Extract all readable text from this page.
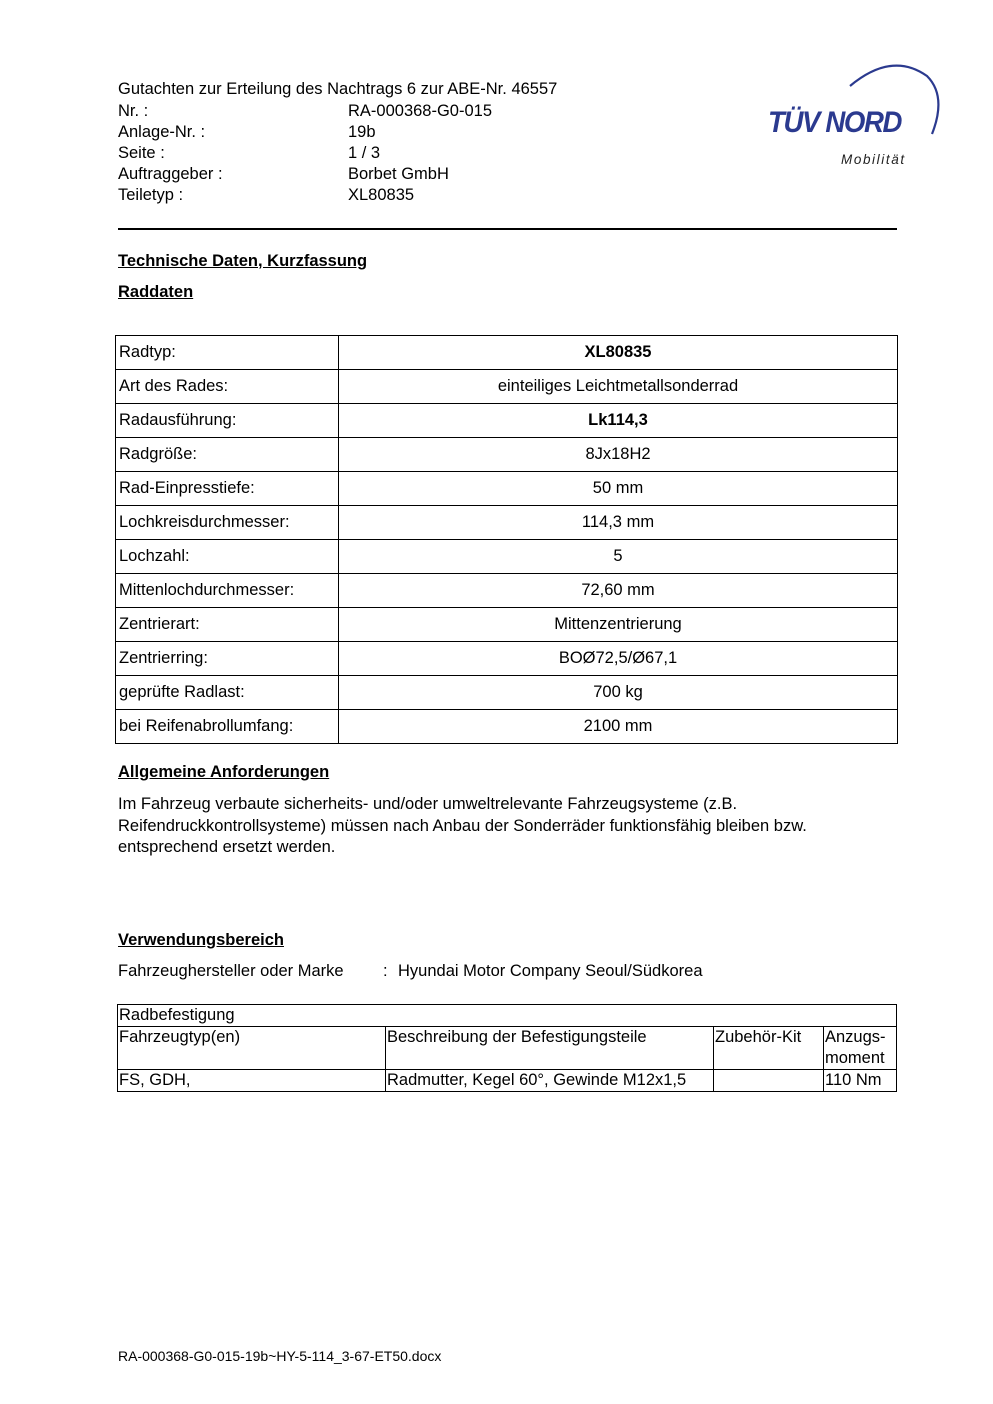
Gutachten zur Erteilung des Nachtrags 6 zur ABE-Nr. 46557
Nr. :	RA-000368-G0-015
Anlage-Nr. :	19b
Seite :	1 / 3
Auftraggeber :	Borbet GmbH
Teiletyp :	XL80835
TÜV NORD
Mobilität
Technische Daten, Kurzfassung
Raddaten
Radtyp:	XL80835
Art des Rades:	einteiliges Leichtmetallsonderrad
Radausführung:	Lk114,3
Radgröße:	8Jx18H2
Rad-Einpresstiefe:	50 mm
Lochkreisdurchmesser:	114,3 mm
Lochzahl:	5
Mittenlochdurchmesser:	72,60 mm
Zentrierart:	Mittenzentrierung
Zentrierring:	BOØ72,5/Ø67,1
geprüfte Radlast:	700 kg
bei Reifenabrollumfang:	2100 mm
Allgemeine Anforderungen
Im Fahrzeug verbaute sicherheits- und/oder umweltrelevante Fahrzeugsysteme (z.B. Reifendruckkontrollsysteme) müssen nach Anbau der Sonderräder funktionsfähig bleiben bzw. entsprechend ersetzt werden.
Verwendungsbereich
Fahrzeughersteller oder Marke : Hyundai Motor Company Seoul/Südkorea
Radbefestigung			
Fahrzeugtyp(en)	Beschreibung der Befestigungsteile	Zubehör-Kit	Anzugs-
moment
FS, GDH,	Radmutter, Kegel 60°, Gewinde M12x1,5		110 Nm
RA-000368-G0-015-19b~HY-5-114_3-67-ET50.docx
